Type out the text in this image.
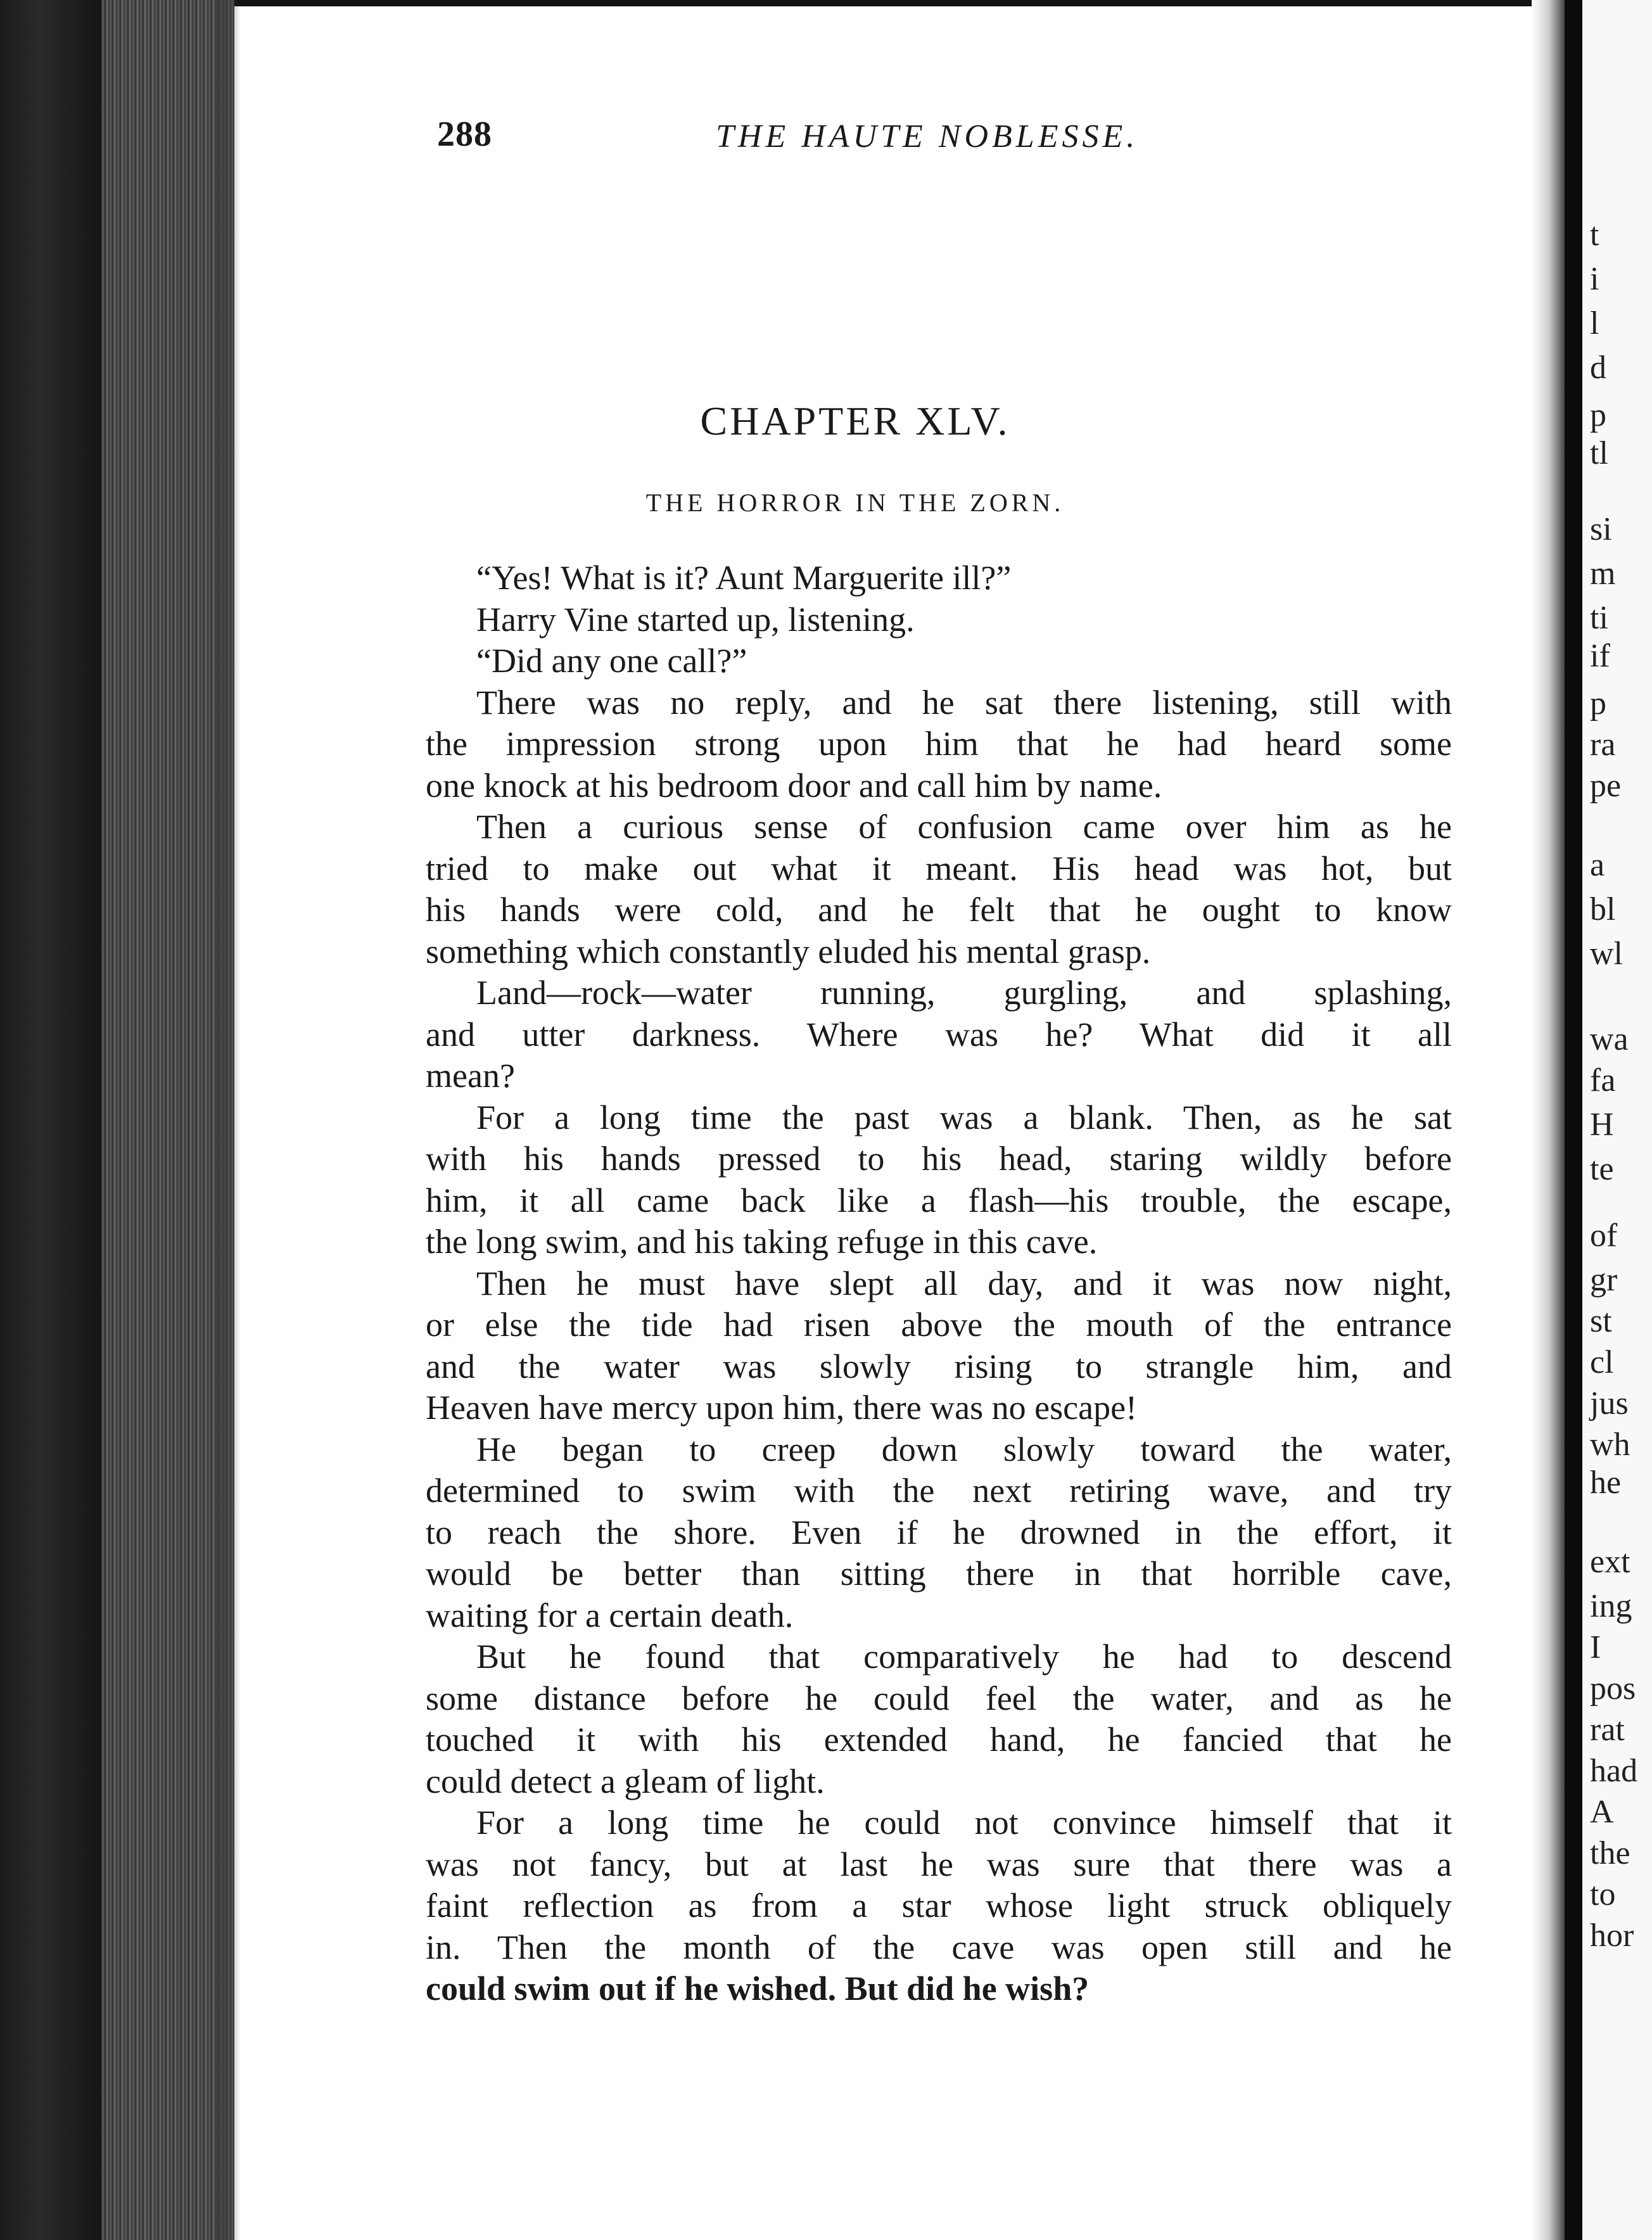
t

i

l

d

p

tl

si

m

ti

if

p

ra

pe

a

bl

wl

wa

fa

H

te

of

gr

st

cl

jus

wh

he

ext

ing

I

pos

rat

had

A

the

to

hor

288	THE HAUTE NOBLESSE.
CHAPTER XLV.
THE HORROR IN THE ZORN.
“Yes! What is it? Aunt Marguerite ill?”
Harry Vine started up, listening.
“Did any one call?”
There was no reply, and he sat there listening, still with
the impression strong upon him that he had heard some
one knock at his bedroom door and call him by name.
Then a curious sense of confusion came over him as he
tried to make out what it meant. His head was hot, but
his hands were cold, and he felt that he ought to know
something which constantly eluded his mental grasp.
Land—rock—water running, gurgling, and splashing,
and utter darkness. Where was he? What did it all
mean?
For a long time the past was a blank. Then, as he sat
with his hands pressed to his head, staring wildly before
him, it all came back like a flash—his trouble, the escape,
the long swim, and his taking refuge in this cave.
Then he must have slept all day, and it was now night,
or else the tide had risen above the mouth of the entrance
and the water was slowly rising to strangle him, and
Heaven have mercy upon him, there was no escape!
He began to creep down slowly toward the water,
determined to swim with the next retiring wave, and try
to reach the shore. Even if he drowned in the effort, it
would be better than sitting there in that horrible cave,
waiting for a certain death.
But he found that comparatively he had to descend
some distance before he could feel the water, and as he
touched it with his extended hand, he fancied that he
could detect a gleam of light.
For a long time he could not convince himself that it
was not fancy, but at last he was sure that there was a
faint reflection as from a star whose light struck obliquely
in. Then the month of the cave was open still and he
could swim out if he wished. But did he wish?
